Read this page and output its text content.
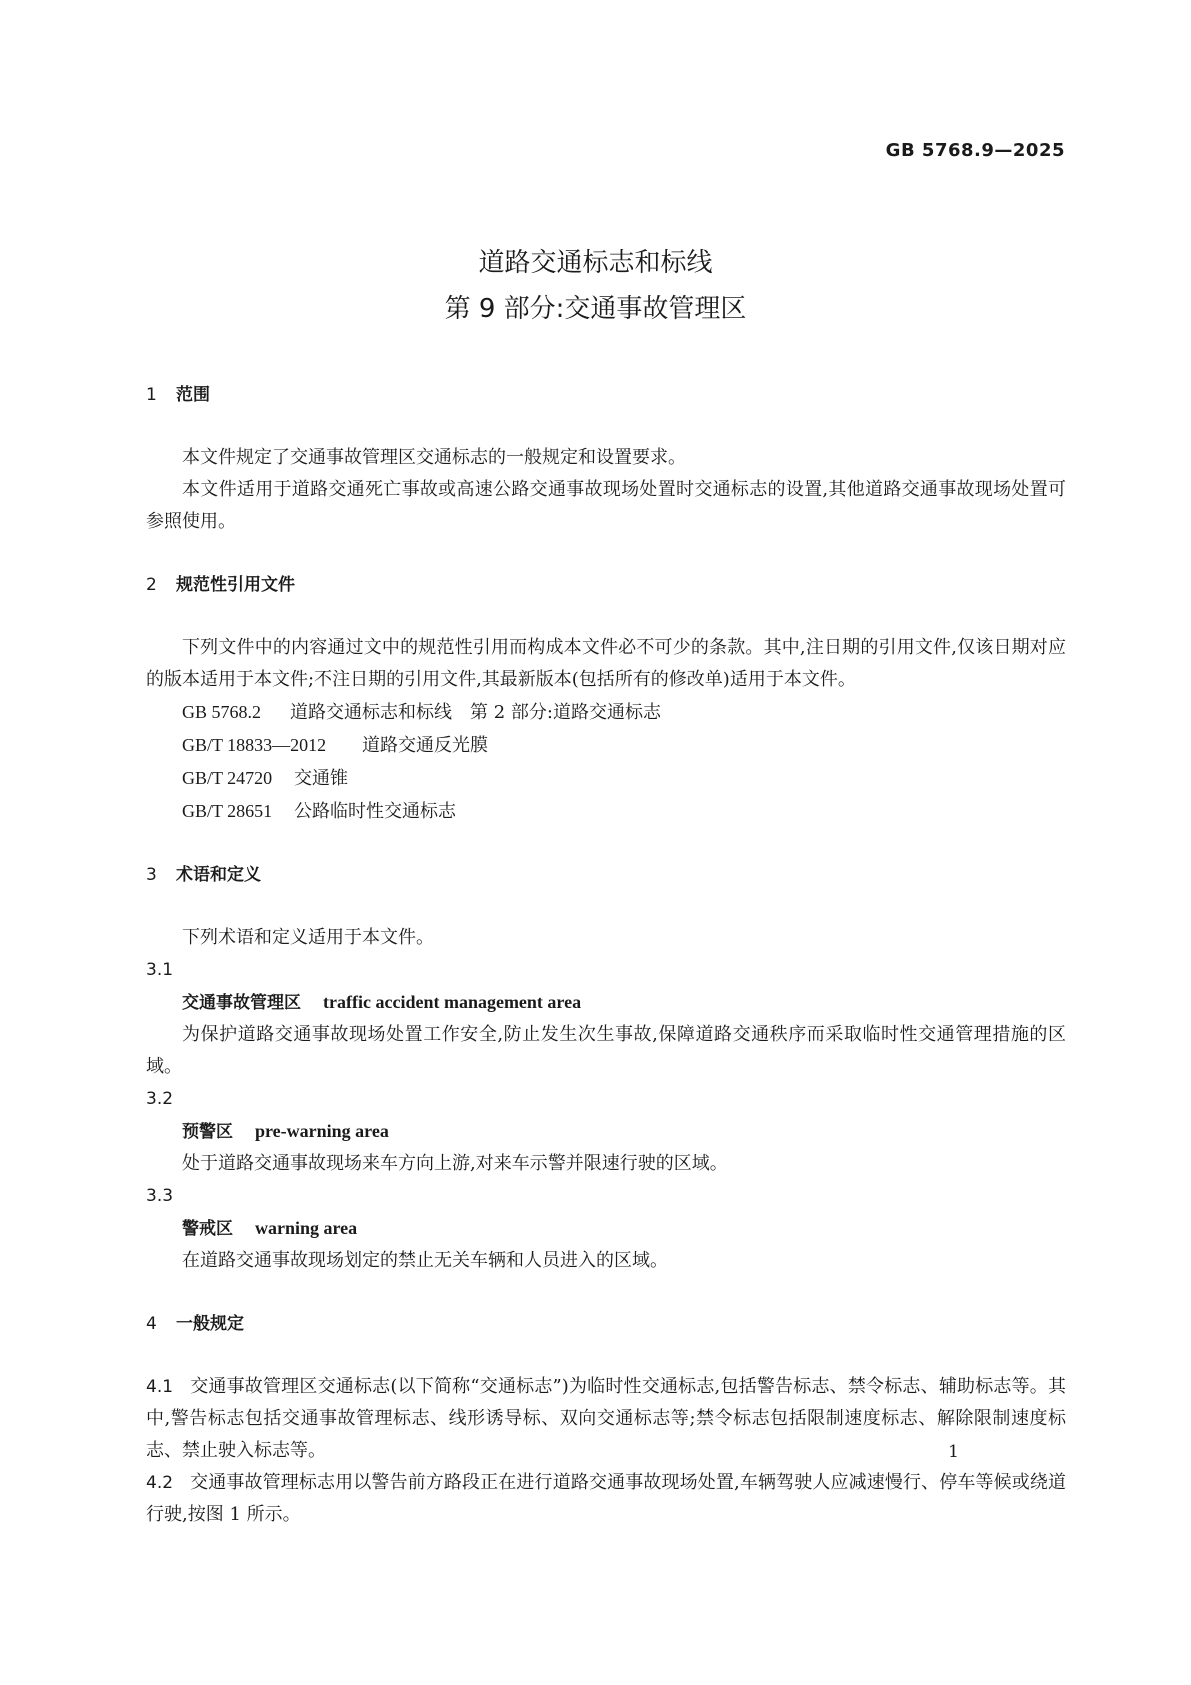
GB 5768.9—2025
道路交通标志和标线
第 9 部分:交通事故管理区
1 范围

本文件规定了交通事故管理区交通标志的一般规定和设置要求。

本文件适用于道路交通死亡事故或高速公路交通事故现场处置时交通标志的设置,其他道路交通事故现场处置可参照使用。

2 规范性引用文件

下列文件中的内容通过文中的规范性引用而构成本文件必不可少的条款。其中,注日期的引用文件,仅该日期对应的版本适用于本文件;不注日期的引用文件,其最新版本(包括所有的修改单)适用于本文件。

GB 5768.2 道路交通标志和标线　第 2 部分:道路交通标志
GB/T 18833—2012 道路交通反光膜
GB/T 24720 交通锥
GB/T 28651 公路临时性交通标志
3 术语和定义

下列术语和定义适用于本文件。

3.1
交通事故管理区 traffic accident management area

为保护道路交通事故现场处置工作安全,防止发生次生事故,保障道路交通秩序而采取临时性交通管理措施的区域。

3.2
预警区 pre-warning area

处于道路交通事故现场来车方向上游,对来车示警并限速行驶的区域。

3.3
警戒区 warning area

在道路交通事故现场划定的禁止无关车辆和人员进入的区域。

4 一般规定

4.1 交通事故管理区交通标志(以下简称“交通标志”)为临时性交通标志,包括警告标志、禁令标志、辅助标志等。其中,警告标志包括交通事故管理标志、线形诱导标、双向交通标志等;禁令标志包括限制速度标志、解除限制速度标志、禁止驶入标志等。

4.2 交通事故管理标志用以警告前方路段正在进行道路交通事故现场处置,车辆驾驶人应减速慢行、停车等候或绕道行驶,按图 1 所示。

1
